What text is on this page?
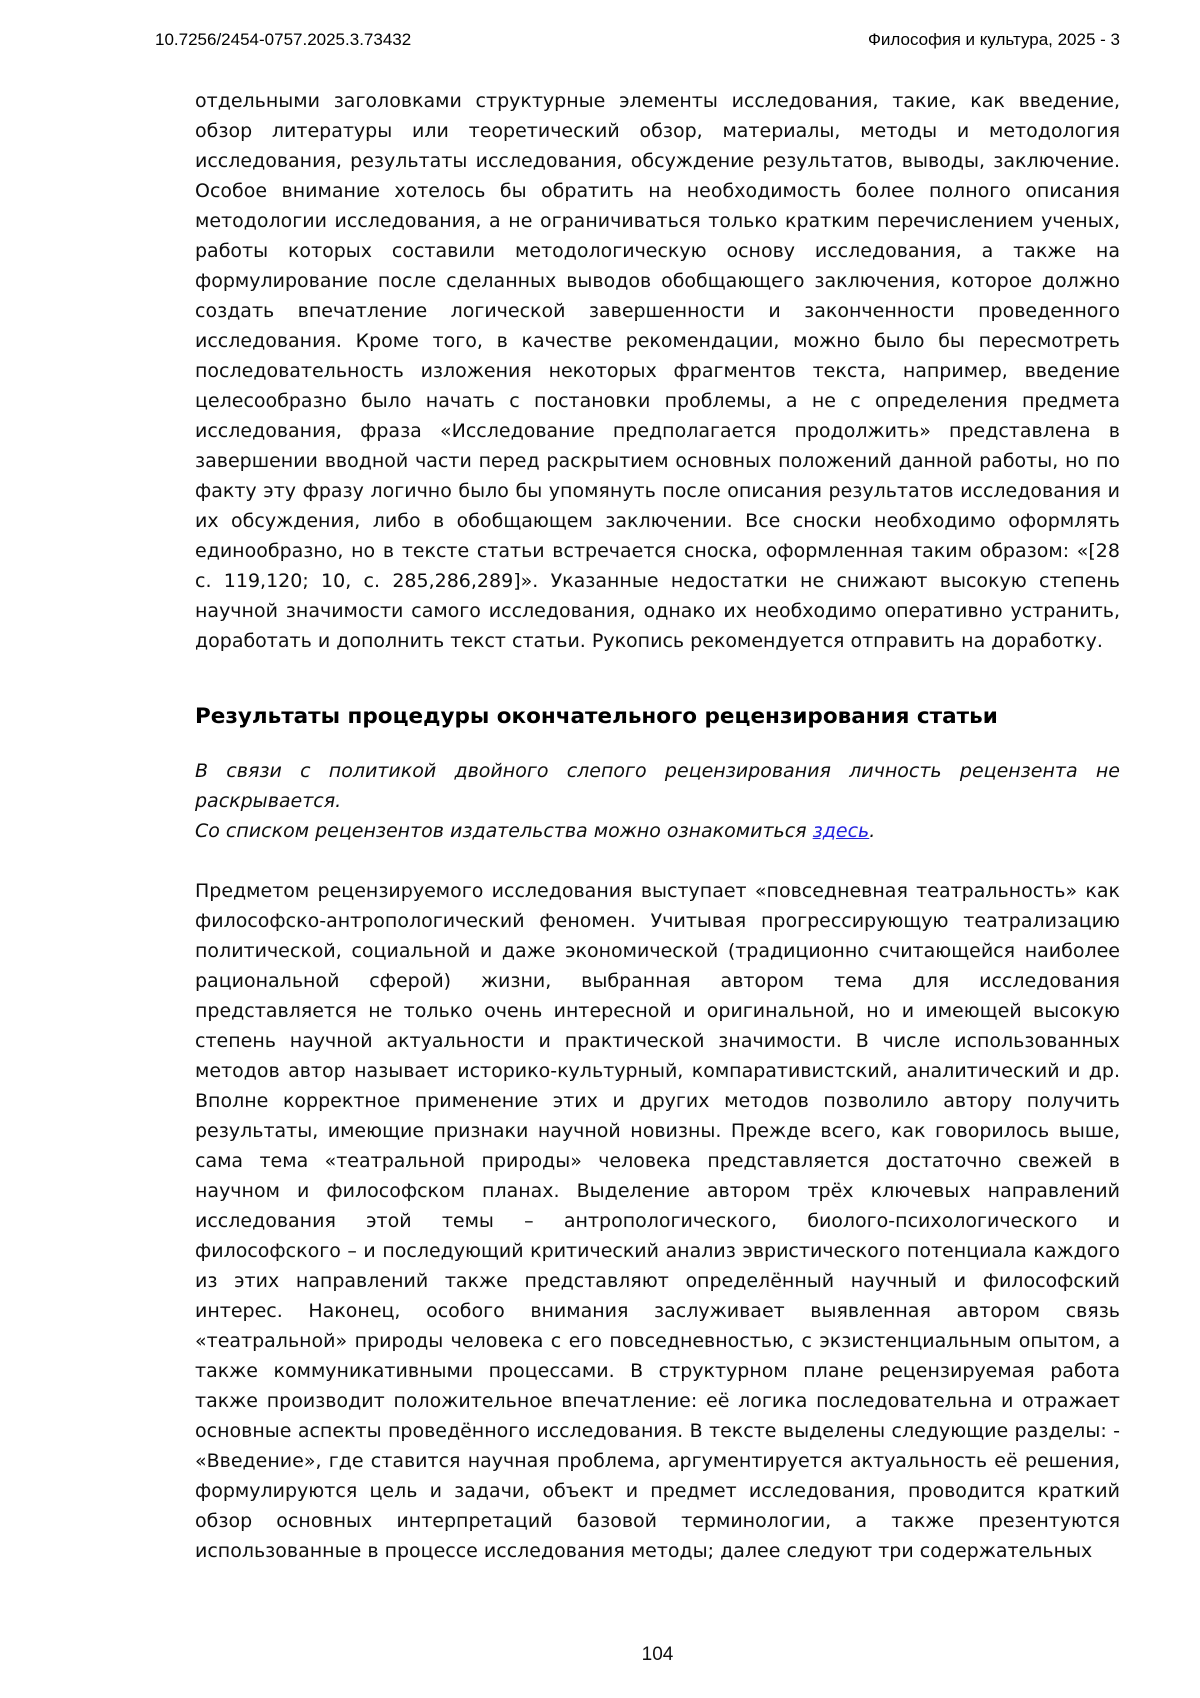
10.7256/2454-0757.2025.3.73432	Философия и культура, 2025 - 3

отдельными заголовками структурные элементы исследования, такие, как введение, обзор литературы или теоретический обзор, материалы, методы и методология исследования, результаты исследования, обсуждение результатов, выводы, заключение. Особое внимание хотелось бы обратить на необходимость более полного описания методологии исследования, а не ограничиваться только кратким перечислением ученых, работы которых составили методологическую основу исследования, а также на формулирование после сделанных выводов обобщающего заключения, которое должно создать впечатление логической завершенности и законченности проведенного исследования. Кроме того, в качестве рекомендации, можно было бы пересмотреть последовательность изложения некоторых фрагментов текста, например, введение целесообразно было начать с постановки проблемы, а не с определения предмета исследования, фраза «Исследование предполагается продолжить» представлена в завершении вводной части перед раскрытием основных положений данной работы, но по факту эту фразу логично было бы упомянуть после описания результатов исследования и их обсуждения, либо в обобщающем заключении. Все сноски необходимо оформлять единообразно, но в тексте статьи встречается сноска, оформленная таким образом: «[28 с. 119,120; 10, с. 285,286,289]». Указанные недостатки не снижают высокую степень научной значимости самого исследования, однако их необходимо оперативно устранить, доработать и дополнить текст статьи. Рукопись рекомендуется отправить на доработку.

Результаты процедуры окончательного рецензирования статьи

В связи с политикой двойного слепого рецензирования личность рецензента не раскрывается.

Со списком рецензентов издательства можно ознакомиться здесь.

Предметом рецензируемого исследования выступает «повседневная театральность» как философско-антропологический феномен. Учитывая прогрессирующую театрализацию политической, социальной и даже экономической (традиционно считающейся наиболее рациональной сферой) жизни, выбранная автором тема для исследования представляется не только очень интересной и оригинальной, но и имеющей высокую степень научной актуальности и практической значимости. В числе использованных методов автор называет историко-культурный, компаративистский, аналитический и др. Вполне корректное применение этих и других методов позволило автору получить результаты, имеющие признаки научной новизны. Прежде всего, как говорилось выше, сама тема «театральной природы» человека представляется достаточно свежей в научном и философском планах. Выделение автором трёх ключевых направлений исследования этой темы – антропологического, биолого-психологического и философского – и последующий критический анализ эвристического потенциала каждого из этих направлений также представляют определённый научный и философский интерес. Наконец, особого внимания заслуживает выявленная автором связь «театральной» природы человека с его повседневностью, с экзистенциальным опытом, а также коммуникативными процессами. В структурном плане рецензируемая работа также производит положительное впечатление: её логика последовательна и отражает основные аспекты проведённого исследования. В тексте выделены следующие разделы: - «Введение», где ставится научная проблема, аргументируется актуальность её решения, формулируются цель и задачи, объект и предмет исследования, проводится краткий обзор основных интерпретаций базовой терминологии, а также презентуются использованные в процессе исследования методы; далее следуют три содержательных

104
